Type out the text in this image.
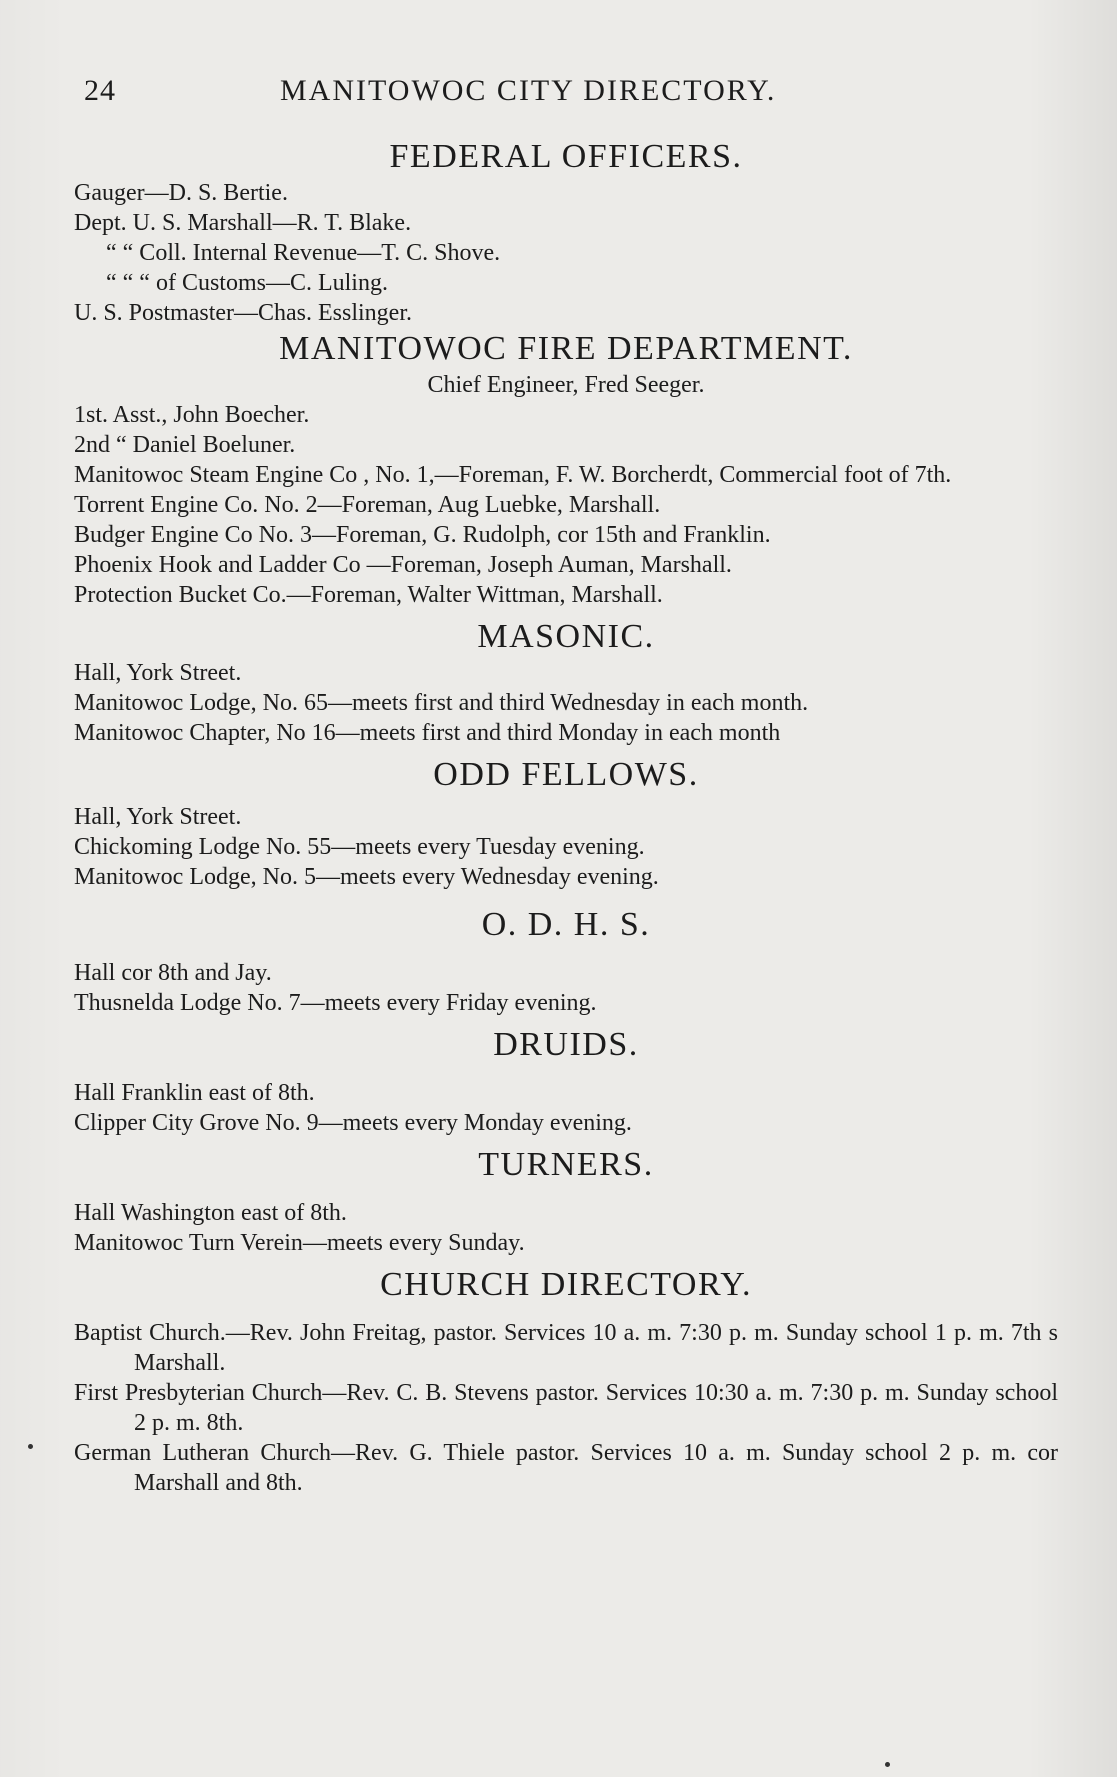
24	MANITOWOC CITY DIRECTORY.
FEDERAL OFFICERS.
Gauger—D. S. Bertie.
Dept. U. S. Marshall—R. T. Blake.
“ “ Coll. Internal Revenue—T. C. Shove.
“ “ “ of Customs—C. Luling.
U. S. Postmaster—Chas. Esslinger.
MANITOWOC FIRE DEPARTMENT.
Chief Engineer, Fred Seeger.
1st. Asst., John Boecher.
2nd “ Daniel Boeluner.
Manitowoc Steam Engine Co , No. 1,—Foreman, F. W. Borcherdt, Commercial foot of 7th.
Torrent Engine Co. No. 2—Foreman, Aug Luebke, Marshall.
Budger Engine Co No. 3—Foreman, G. Rudolph, cor 15th and Franklin.
Phoenix Hook and Ladder Co —Foreman, Joseph Auman, Marshall.
Protection Bucket Co.—Foreman, Walter Wittman, Marshall.
MASONIC.
Hall, York Street.
Manitowoc Lodge, No. 65—meets first and third Wednesday in each month.
Manitowoc Chapter, No 16—meets first and third Monday in each month
ODD FELLOWS.
Hall, York Street.
Chickoming Lodge No. 55—meets every Tuesday evening.
Manitowoc Lodge, No. 5—meets every Wednesday evening.
O. D. H. S.
Hall cor 8th and Jay.
Thusnelda Lodge No. 7—meets every Friday evening.
DRUIDS.
Hall Franklin east of 8th.
Clipper City Grove No. 9—meets every Monday evening.
TURNERS.
Hall Washington east of 8th.
Manitowoc Turn Verein—meets every Sunday.
CHURCH DIRECTORY.
Baptist Church.—Rev. John Freitag, pastor. Services 10 a. m. 7:30 p. m. Sunday school 1 p. m. 7th s Marshall.
First Presbyterian Church—Rev. C. B. Stevens pastor. Services 10:30 a. m. 7:30 p. m. Sunday school 2 p. m. 8th.
German Lutheran Church—Rev. G. Thiele pastor. Services 10 a. m. Sunday school 2 p. m. cor Marshall and 8th.
